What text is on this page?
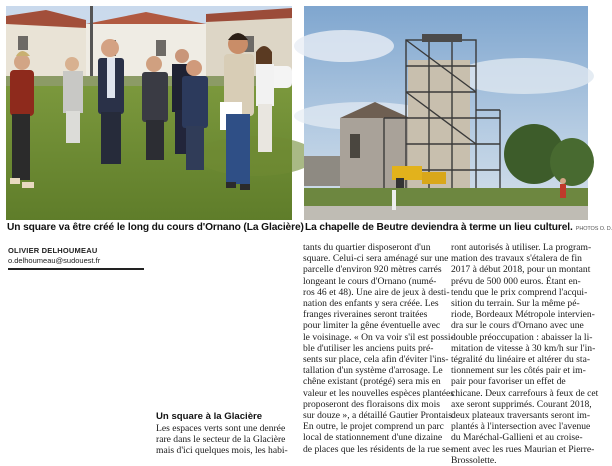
Un square va être créé le long du cours d'Ornano (La Glacière) La chapelle de Beutre deviendra à terme un lieu culturel. PHOTOS O. D.
OLIVIER DELHOUMEAU
o.delhoumeau@sudouest.fr
Un square à la Glacière
Les espaces verts sont une denrée
rare dans le secteur de la Glacière
mais d'ici quelques mois, les habi-
tants du quartier disposeront d'un
square. Celui-ci sera aménagé sur une
parcelle d'environ 920 mètres carrés
longeant le cours d'Ornano (numé-
ros 46 et 48). Une aire de jeux à desti-
nation des enfants y sera créée. Les
franges riveraines seront traitées
pour limiter la gêne éventuelle avec
le voisinage. « On va voir s'il est possi-
ble d'utiliser les anciens puits pré-
sents sur place, cela afin d'éviter l'ins-
tallation d'un système d'arrosage. Le
chêne existant (protégé) sera mis en
valeur et les nouvelles espèces plantées
proposeront des floraisons dix mois
sur douze », a détaillé Gautier Prontais.
En outre, le projet comprend un parc
local de stationnement d'une dizaine
de places que les résidents de la rue se-
ront autorisés à utiliser. La program-
mation des travaux s'étalera de fin
2017 à début 2018, pour un montant
prévu de 500 000 euros. Étant en-
tendu que le prix comprend l'acqui-
sition du terrain. Sur la même pé-
riode, Bordeaux Métropole intervien-
dra sur le cours d'Ornano avec une
double préoccupation : abaisser la li-
mitation de vitesse à 30 km/h sur l'in-
tégralité du linéaire et altérer du sta-
tionnement sur les côtés pair et im-
pair pour favoriser un effet de
chicane. Deux carrefours à feux de cet
axe seront supprimés. Courant 2018,
deux plateaux traversants seront im-
plantés à l'intersection avec l'avenue
du Maréchal-Gallieni et au croise-
ment avec les rues Maurian et Pierre-
Brossolette.
